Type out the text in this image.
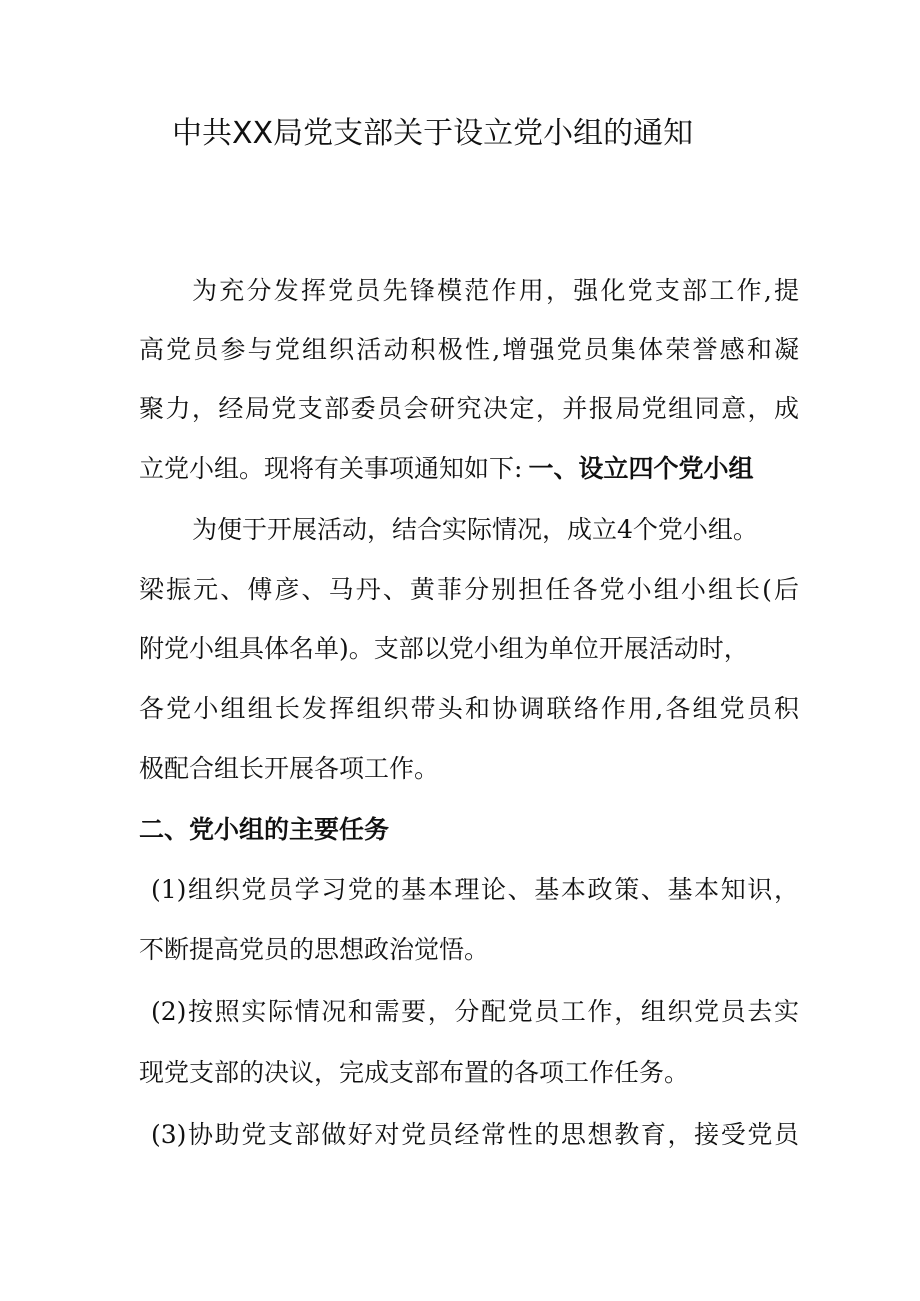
中共XX局党支部关于设立党小组的通知
为充分发挥党员先锋模范作用，强化党支部工作,提
高党员参与党组织活动积极性,增强党员集体荣誉感和凝
聚力，经局党支部委员会研究决定，并报局党组同意，成
立党小组。现将有关事项通知如下: 一、设立四个党小组
为便于开展活动，结合实际情况，成立4个党小组。
梁振元、傅彦、马丹、黄菲分别担任各党小组小组长(后
附党小组具体名单)。支部以党小组为单位开展活动时，
各党小组组长发挥组织带头和协调联络作用,各组党员积
极配合组长开展各项工作。
二、党小组的主要任务
(1)组织党员学习党的基本理论、基本政策、基本知识，
不断提高党员的思想政治觉悟。
(2)按照实际情况和需要，分配党员工作，组织党员去实
现党支部的决议，完成支部布置的各项工作任务。
(3)协助党支部做好对党员经常性的思想教育，接受党员
